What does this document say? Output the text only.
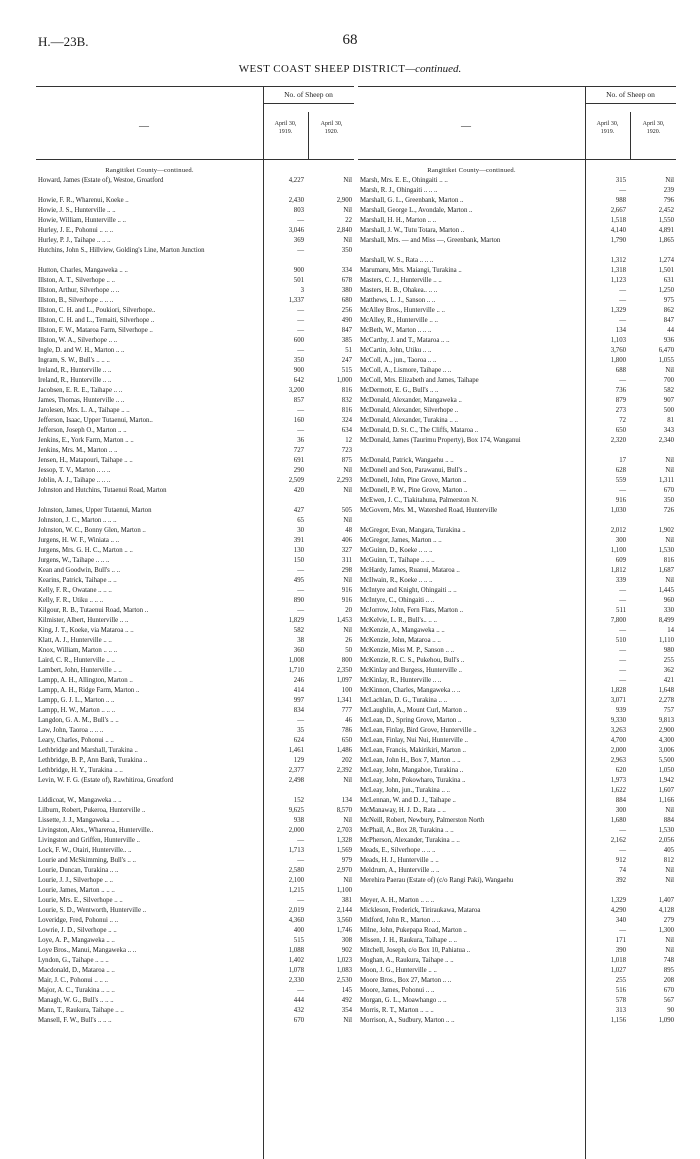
H.—23B.	68
WEST COAST SHEEP DISTRICT—continued.
—
No. of Sheep on
April 30,
1919.
April 30,
1920.
Rangitikei County—continued.
Howard, James (Estate of), Westoe, Groatford	4,227	Nil
Howie, F. R., Wharenui, Koeke ..	2,430	2,900
Howie, J. S., Hunterville .. ..	803	Nil
Howie, William, Hunterville .. ..	—	22
Hurley, J. E., Pohonui .. .. ..	3,046	2,840
Hurley, P. J., Taihape .. .. ..	369	Nil
Hutchins, John S., Hillview, Golding's Line, Marton Junction	—	350
Hutton, Charles, Mangaweka .. ..	900	334
Illston, A. T., Silverhope .. ..	501	678
Illston, Arthur, Silverhope .. ..	3	380
Illston, B., Silverhope .. .. ..	1,337	680
Illston, C. H. and L., Poukiori, Silverhope..	—	256
Illston, C. H. and L., Temaiti, Silverhope ..	—	490
Illston, F. W., Mataroa Farm, Silverhope ..	—	847
Illston, W. A., Silverhope .. ..	600	385
Ingle, D. and W. H., Marton .. ..	—	51
Ingram, S. W., Bull's .. .. ..	350	247
Ireland, R., Hunterville .. ..	900	515
Ireland, R., Hunterville .. ..	642	1,000
Jacobsen, E. R. E., Taihape .. ..	3,200	816
James, Thomas, Hunterville .. ..	857	832
Jarolesen, Mrs. L. A., Taihape .. ..	—	816
Jefferson, Isaac, Upper Tutaenui, Marton..	160	324
Jefferson, Joseph O., Marton .. ..	—	634
Jenkins, E., York Farm, Marton .. ..	36	12
Jenkins, Mrs. M., Marton .. ..	727	723
Jensen, H., Matapouri, Taihape .. ..	691	875
Jessop, T. V., Marton .. .. ..	290	Nil
Joblin, A. J., Taihape .. .. ..	2,509	2,293
Johnston and Hutchins, Tutaenui Road, Marton	420	Nil
Johnston, James, Upper Tutaenui, Marton	427	505
Johnston, J. C., Marton .. .. ..	65	Nil
Johnston, W. C., Bonny Glen, Marton ..	30	48
Jurgens, H. W. F., Winiata .. ..	391	406
Jurgens, Mrs. G. H. C., Marton .. ..	130	327
Jurgens, W., Taihape .. .. ..	150	311
Kean and Goodwin, Bull's .. ..	—	298
Kearins, Patrick, Taihape .. ..	495	Nil
Kelly, F. R., Owatane .. .. ..	—	916
Kelly, F. R., Utiku .. .. ..	890	916
Kilgour, R. B., Tutaenui Road, Marton ..	—	20
Kilmister, Albert, Hunterville .. ..	1,829	1,453
King, J. T., Koeke, via Mataroa .. ..	582	Nil
Klatt, A. J., Hunterville .. ..	38	26
Knox, William, Marton .. .. ..	360	50
Laird, C. R., Hunterville .. ..	1,008	800
Lambert, John, Hunterville .. ..	1,710	2,350
Lampp, A. H., Allington, Marton ..	246	1,097
Lampp, A. H., Ridge Farm, Marton ..	414	100
Lampp, G. J. L., Marton .. ..	997	1,341
Lampp, H. W., Marton .. .. ..	834	777
Langdon, G. A. M., Bull's .. ..	—	46
Law, John, Taoroa .. .. ..	35	786
Leary, Charles, Pohonui .. ..	624	650
Lethbridge and Marshall, Turakina ..	1,461	1,486
Lethbridge, B. P., Ann Bank, Turakina ..	129	202
Lethbridge, H. Y., Turakina .. ..	2,377	2,392
Levin, W. F. G. (Estate of), Rawhitiroa, Greatford	2,498	Nil
Liddicoat, W., Mangaweka .. ..	152	134
Lilburn, Robert, Pukeroa, Hunterville ..	9,625	8,570
Lissette, J. J., Mangaweka .. ..	938	Nil
Livingston, Alex., Whareroa, Hunterville..	2,000	2,703
Livingston and Griffen, Hunterville ..	—	1,328
Lock, F. W., Otairi, Hunterville.. ..	1,713	1,569
Lourie and McSkimming, Bull's .. ..	—	979
Lourie, Duncan, Turakina .. ..	2,580	2,970
Lourie, J. J., Silverhope .. ..	2,100	Nil
Lourie, James, Marton .. .. ..	1,215	1,100
Lourie, Mrs. E., Silverhope .. ..	—	381
Lourie, S. D., Wentworth, Hunterville ..	2,019	2,144
Loveridge, Fred, Pohonui .. ..	4,360	3,560
Lowrie, J. D., Silverhope .. ..	400	1,746
Loye, A. P., Mangaweka .. ..	515	308
Loye Bros., Manui, Mangaweka .. ..	1,088	902
Lyndon, G., Taihape .. .. ..	1,402	1,023
Macdonald, D., Mataroa .. ..	1,078	1,083
Mair, J. C., Pohonui .. .. ..	2,330	2,530
Major, A. C., Turakina .. .. ..	—	145
Managh, W. G., Bull's .. .. ..	444	492
Mann, T., Raukura, Taihape .. ..	432	354
Mansell, F. W., Bull's .. .. ..	670	Nil
—
No. of Sheep on
April 30,
1919.
April 30,
1920.
Rangitikei County—continued.
Marsh, Mrs. E. E., Ohingaiti .. ..	315	Nil
Marsh, R. J., Ohingaiti .. .. ..	—	239
Marshall, G. L., Greenbank, Marton ..	988	796
Marshall, George L., Avondale, Marton ..	2,667	2,452
Marshall, H. H., Marton .. ..	1,518	1,550
Marshall, J. W., Tutu Totara, Marton ..	4,140	4,891
Marshall, Mrs. — and Miss —, Greenbank, Marton	1,790	1,865
Marshall, W. S., Rata .. .. ..	1,312	1,274
Marumaru, Mrs. Maiangi, Turakina ..	1,318	1,501
Masters, C. J., Hunterville .. ..	1,123	631
Masters, H. B., Ohakea.. .. ..	—	1,250
Matthews, L. J., Sanson .. ..	—	975
McAlley Bros., Hunterville .. ..	1,329	862
McAlley, R., Hunterville .. ..	—	847
McBeth, W., Marton .. .. ..	134	44
McCarthy, J. and T., Mataroa .. ..	1,103	936
McCartin, John, Utiku .. ..	3,760	6,470
McColl, A., jun., Taoroa .. ..	1,800	1,055
McColl, A., Lismore, Taihape .. ..	688	Nil
McColl, Mrs. Elizabeth and James, Taihape	—	700
McDermott, E. G., Bull's .. ..	736	582
McDonald, Alexander, Mangaweka ..	879	907
McDonald, Alexander, Silverhope ..	273	500
McDonald, Alexander, Turakina .. ..	72	81
McDonald, D. St. C., The Cliffs, Mataroa ..	650	343
McDonald, James (Taurimu Property), Box 174, Wanganui	2,320	2,340
McDonald, Patrick, Wangaehu .. ..	17	Nil
McDonell and Son, Parawanui, Bull's ..	628	Nil
McDonell, John, Pine Grove, Marton ..	559	1,311
McDonell, P. W., Pine Grove, Marton ..	—	670
McEwen, J. C., Tiakitahuna, Palmerston N.	916	350
McGovern, Mrs. M., Watershed Road, Hunterville	1,030	726
McGregor, Evan, Mangara, Turakina ..	2,012	1,902
McGregor, James, Marton .. ..	300	Nil
McGuinn, D., Koeke .. .. ..	1,100	1,530
McGuinn, T., Taihape .. .. ..	609	816
McHardy, James, Ruanui, Mataroa ..	1,812	1,687
McIlwain, R., Koeke .. .. ..	339	Nil
McIntyre and Knight, Ohingaiti .. ..	—	1,445
McIntyre, C., Ohingaiti .. ..	—	960
McJorrow, John, Fern Flats, Marton ..	511	330
McKelvie, L. R., Bull's.. .. ..	7,800	8,499
McKenzie, A., Mangaweka .. ..	—	14
McKenzie, John, Mataroa .. ..	510	1,110
McKenzie, Miss M. P., Sanson .. ..	—	980
McKenzie, R. C. S., Pukehou, Bull's ..	—	255
McKinlay and Burgess, Hunterville ..	—	362
McKinlay, R., Hunterville .. ..	—	421
McKinnon, Charles, Mangaweka .. ..	1,828	1,648
McLachlan, D. G., Turakina .. ..	3,071	2,278
McLaughlin, A., Mount Curl, Marton ..	939	757
McLean, D., Spring Grove, Marton ..	9,330	9,813
McLean, Finlay, Bird Grove, Hunterville ..	3,263	2,900
McLean, Finlay, Nui Nui, Hunterville ..	4,700	4,300
McLean, Francis, Makirikiri, Marton ..	2,000	3,006
McLean, John H., Box 7, Marton .. ..	2,963	5,500
McLeay, John, Mangahoe, Turakina ..	620	1,050
McLeay, John, Pokowharo, Turakina ..	1,973	1,942
McLeay, John, jun., Turakina .. ..	1,622	1,607
McLennan, W. and D. J., Taihape ..	884	1,166
McManaway, H. J. D., Rata .. ..	300	Nil
McNeill, Robert, Newbury, Palmerston North	1,680	884
McPhail, A., Box 28, Turakina .. ..	—	1,530
McPherson, Alexander, Turakina .. ..	2,162	2,056
Meads, E., Silverhope .. .. ..	—	405
Meads, H. J., Hunterville .. ..	912	812
Meldrum, A., Hunterville .. ..	74	Nil
Merehira Paerau (Estate of) (c/o Rangi Paki), Wangaehu	392	Nil
Meyer, A. H., Marton .. .. ..	1,329	1,407
Mickleson, Frederick, Tiriraukawa, Mataroa	4,290	4,128
Midford, John R., Marton .. ..	340	279
Milne, John, Pukepapa Road, Marton ..	—	1,300
Missen, J. H., Raukura, Taihape .. ..	171	Nil
Mitchell, Joseph, c/o Box 10, Pahiatua ..	390	Nil
Moghan, A., Raukura, Taihape .. ..	1,018	748
Moon, J. G., Hunterville .. ..	1,027	895
Moore Bros., Box 27, Marton .. ..	255	208
Moore, James, Pohonui .. ..	516	670
Morgan, G. L., Moawhango .. ..	578	567
Morris, R. T., Marton .. .. ..	313	90
Morrison, A., Sudbury, Marton .. ..	1,156	1,090
